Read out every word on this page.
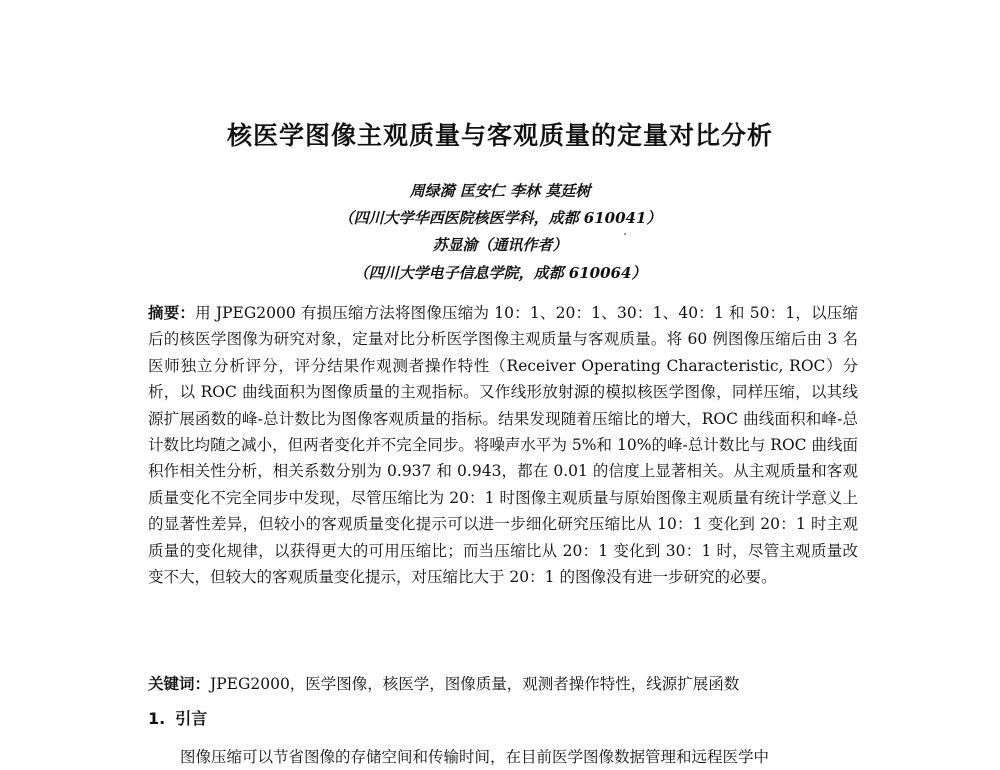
核医学图像主观质量与客观质量的定量对比分析

周绿漪 匡安仁 李林 莫廷树

（四川大学华西医院核医学科，成都 610041）

苏显渝（通讯作者）

（四川大学电子信息学院，成都 610064）

摘要：用 JPEG2000 有损压缩方法将图像压缩为 10：1、20：1、30：1、40：1 和 50：1，以压缩后的核医学图像为研究对象，定量对比分析医学图像主观质量与客观质量。将 60 例图像压缩后由 3 名医师独立分析评分，评分结果作观测者操作特性（Receiver Operating Characteristic, ROC）分析，以 ROC 曲线面积为图像质量的主观指标。又作线形放射源的模拟核医学图像，同样压缩，以其线源扩展函数的峰-总计数比为图像客观质量的指标。结果发现随着压缩比的增大，ROC 曲线面积和峰-总计数比均随之减小，但两者变化并不完全同步。将噪声水平为 5%和 10%的峰-总计数比与 ROC 曲线面积作相关性分析，相关系数分别为 0.937 和 0.943，都在 0.01 的信度上显著相关。从主观质量和客观质量变化不完全同步中发现，尽管压缩比为 20：1 时图像主观质量与原始图像主观质量有统计学意义上的显著性差异，但较小的客观质量变化提示可以进一步细化研究压缩比从 10：1 变化到 20：1 时主观质量的变化规律，以获得更大的可用压缩比；而当压缩比从 20：1 变化到 30：1 时，尽管主观质量改变不大，但较大的客观质量变化提示，对压缩比大于 20：1 的图像没有进一步研究的必要。

关键词：JPEG2000，医学图像，核医学，图像质量，观测者操作特性，线源扩展函数

1. 引言

图像压缩可以节省图像的存储空间和传输时间，在目前医学图像数据管理和远程医学中
